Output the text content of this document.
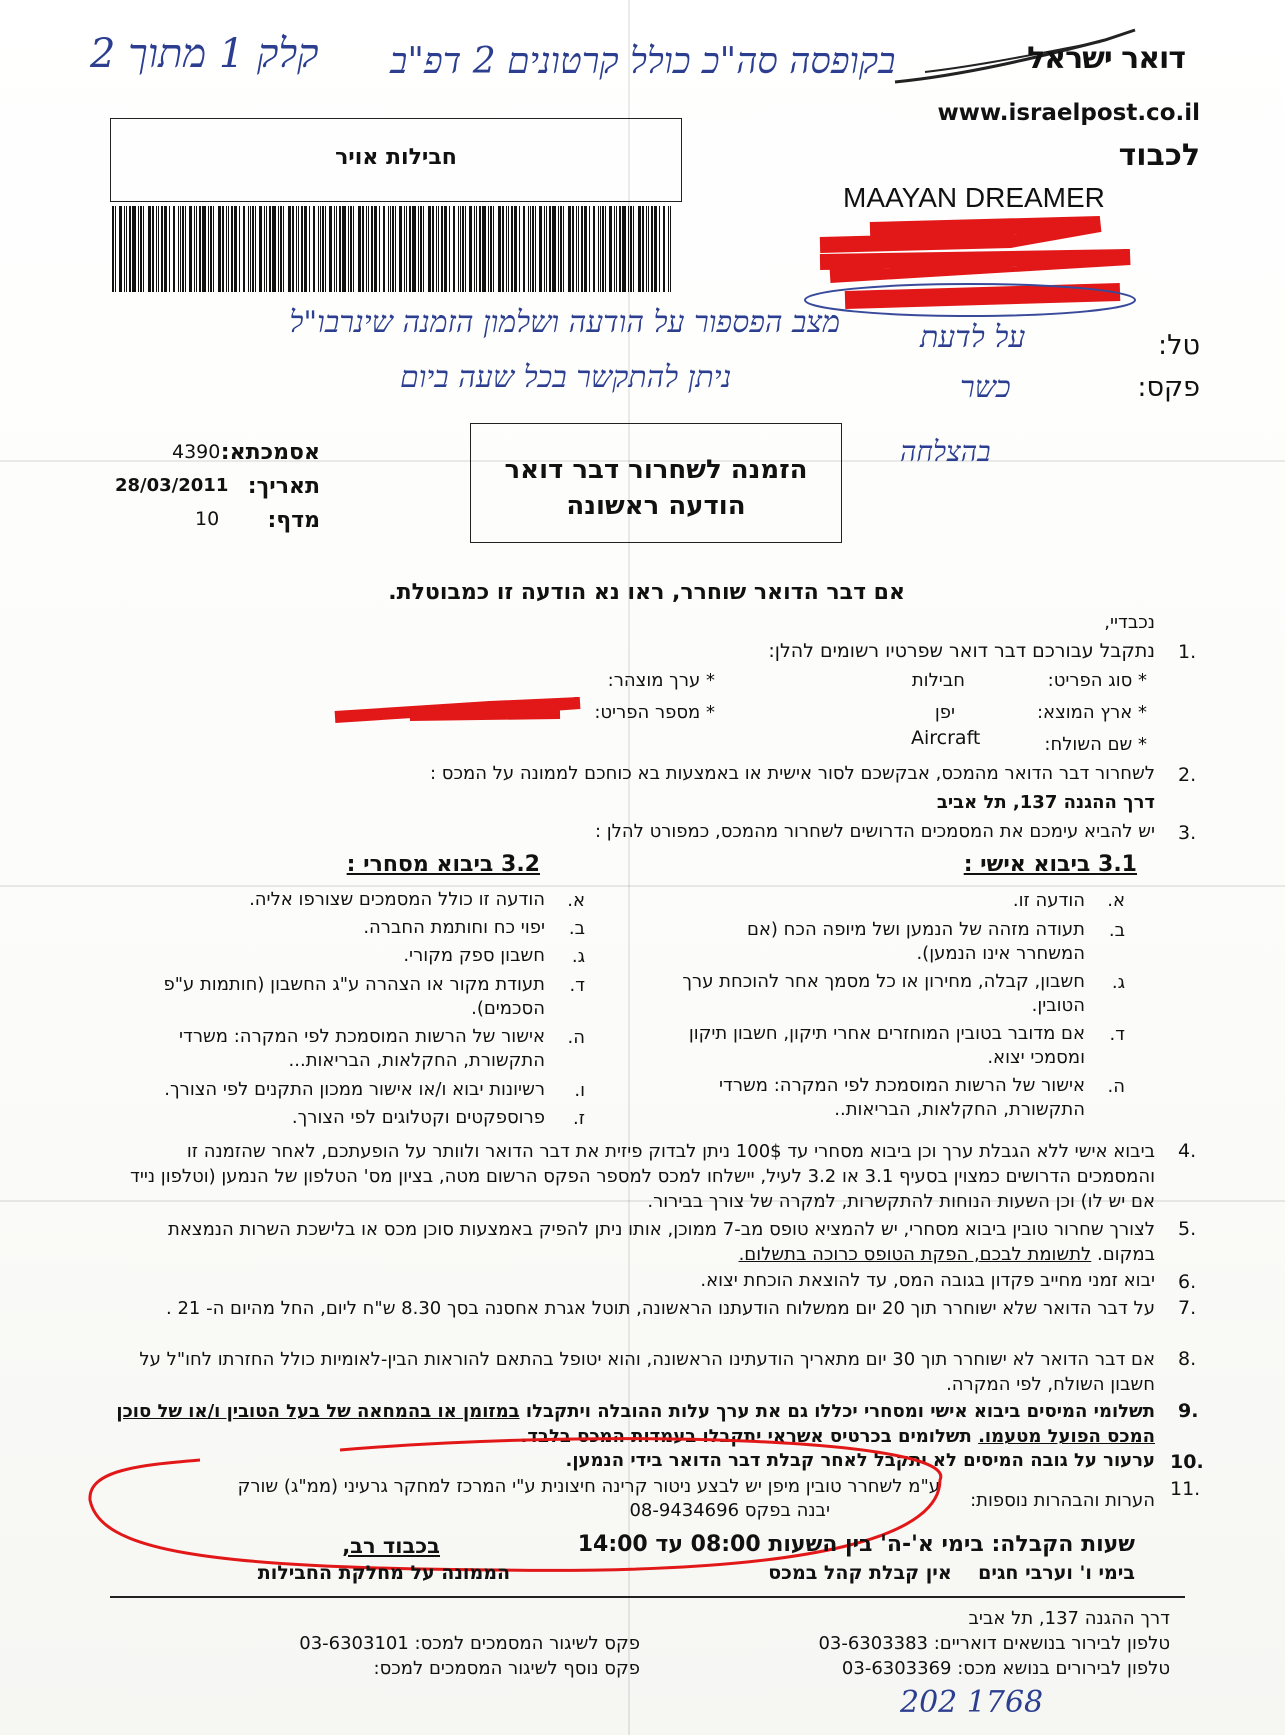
2 קלק 1 מתוך בקופסה סה"כ כולל קרטונים 2 דפ"ב	דואר ישראל
www.israelpost.co.il
חבילות אויר	לכבוד
MAAYAN DREAMER
טל:
פקס:
מצב הפספור על הודעה ושלמון הזמנה שינרבו"ל
ניתן להתקשר בכל שעה ביום
על לדעת
כשר
בהצלחה
אסמכתא:
4390
תאריך:
28/03/2011
מדף:
10
הזמנה לשחרור דבר דואר
הודעה ראשונה
אם דבר הדואר שוחרר, ראו נא הודעה זו כמבוטלת.
נכבדיי,
1.
נתקבל עבורכם דבר דואר שפרטיו רשומים להלן:
* סוג הפריט:
חבילות
* ערך מוצהר:
* ארץ המוצא:
יפן
* מספר הפריט:
* שם השולח:
Aircraft
2.
לשחרור דבר הדואר מהמכס, אבקשכם לסור אישית או באמצעות בא כוחכם לממונה על המכס :
דרך ההגנה 137, תל אביב
3.
יש להביא עימכם את המסמכים הדרושים לשחרור מהמכס, כמפורט להלן :
3.1 ביבוא אישי :
3.2 ביבוא מסחרי :
א.
הודעה זו.
ב.
תעודה מזהה של הנמען ושל מיופה הכח (אם המשחרר אינו הנמען).
ג.
חשבון, קבלה, מחירון או כל מסמך אחר להוכחת ערך הטובין.
ד.
אם מדובר בטובין המוחזרים אחרי תיקון, חשבון תיקון ומסמכי יצוא.
ה.
אישור של הרשות המוסמכת לפי המקרה: משרדי התקשורת, החקלאות, הבריאות..
א.
הודעה זו כולל המסמכים שצורפו אליה.
ב.
יפוי כח וחותמת החברה.
ג.
חשבון ספק מקורי.
ד.
תעודת מקור או הצהרה ע"ג החשבון (חותמות ע"פ הסכמים).
ה.
אישור של הרשות המוסמכת לפי המקרה: משרדי התקשורת, החקלאות, הבריאות...
ו.
רשיונות יבוא ו/או אישור ממכון התקנים לפי הצורך.
ז.
פרוספקטים וקטלוגים לפי הצורך.
4.
ביבוא אישי ללא הגבלת ערך וכן ביבוא מסחרי עד 100$ ניתן לבדוק פיזית את דבר הדואר ולוותר על הופעתכם, לאחר שהזמנה זו והמסמכים הדרושים כמצוין בסעיף 3.1 או 3.2 לעיל, יישלחו למכס למספר הפקס הרשום מטה, בציון מס' הטלפון של הנמען (וטלפון נייד אם יש לו) וכן השעות הנוחות להתקשרות, למקרה של צורך בבירור.
5.
לצורך שחרור טובין ביבוא מסחרי, יש להמציא טופס מב-7 ממוכן, אותו ניתן להפיק באמצעות סוכן מכס או בלישכת השרות הנמצאת במקום. לתשומת לבכם, הפקת הטופס כרוכה בתשלום.
6.
יבוא זמני מחייב פקדון בגובה המס, עד להוצאת הוכחת יצוא.
7.
על דבר הדואר שלא ישוחרר תוך 20 יום ממשלוח הודעתנו הראשונה, תוטל אגרת אחסנה בסך 8.30 ש"ח ליום, החל מהיום ה- 21 .
8.
אם דבר הדואר לא ישוחרר תוך 30 יום מתאריך הודעתינו הראשונה, והוא יטופל בהתאם להוראות הבין-לאומיות כולל החזרתו לחו"ל על חשבון השולח, לפי המקרה.
9.
תשלומי המיסים ביבוא אישי ומסחרי יכללו גם את ערך עלות ההובלה ויתקבלו במזומן או בהמחאה של בעל הטובין ו/או של סוכן המכס הפועל מטעמו. תשלומים בכרטיס אשראי יתקבלו בעמדות המכס בלבד.
10.
ערעור על גובה המיסים לא יתקבל לאחר קבלת דבר הדואר בידי הנמען.
11.
הערות והבהרות נוספות:
ע"מ לשחרר טובין מיפן יש לבצע ניטור קרינה חיצונית ע"י המרכז למחקר גרעיני (ממ"ג) שורק
יבנה בפקס 08-9434696
שעות הקבלה: בימי א'-ה' בין השעות 08:00 עד 14:00
בימי ו' וערבי חגים    אין קבלת קהל במכס
בכבוד רב,
הממונה על מחלקת החבילות
דרך ההגנה 137, תל אביב
טלפון לבירור בנושאים דואריים: 03-6303383
טלפון לבירורים בנושא מכס: 03-6303369
פקס לשיגור המסמכים למכס: 03-6303101
פקס נוסף לשיגור המסמכים למכס:
202 1768
